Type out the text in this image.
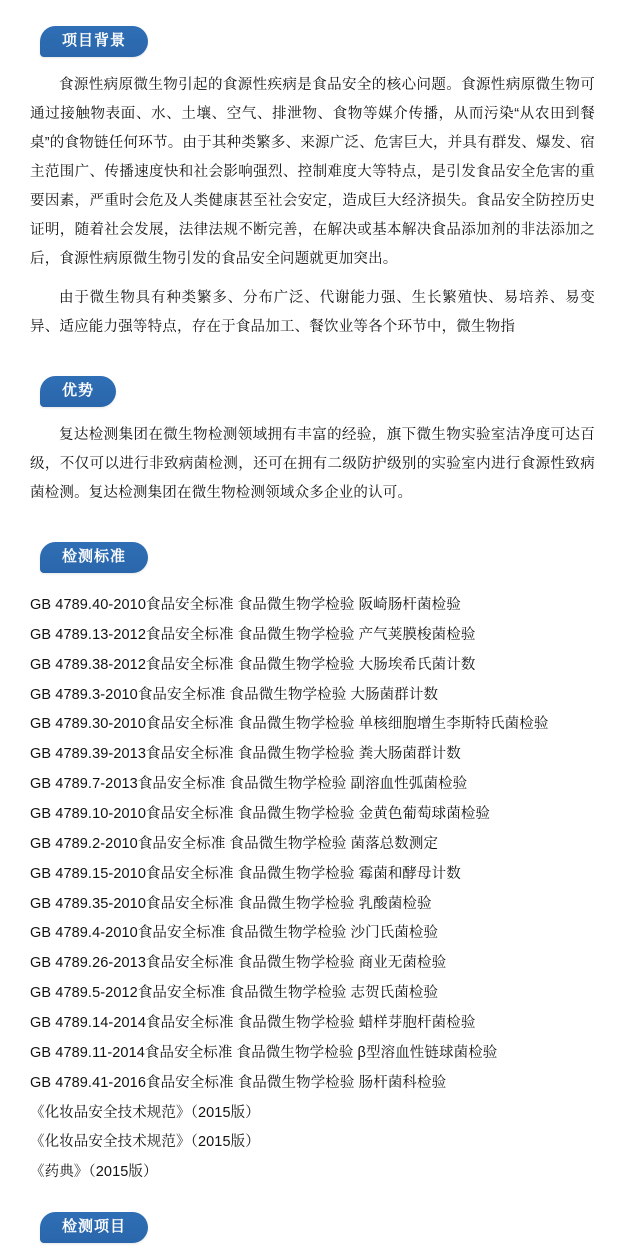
项目背景

食源性病原微生物引起的食源性疾病是食品安全的核心问题。食源性病原微生物可通过接触物表面、水、土壤、空气、排泄物、食物等媒介传播，从而污染“从农田到餐桌”的食物链任何环节。由于其种类繁多、来源广泛、危害巨大，并具有群发、爆发、宿主范围广、传播速度快和社会影响强烈、控制难度大等特点，是引发食品安全危害的重要因素，严重时会危及人类健康甚至社会安定，造成巨大经济损失。食品安全防控历史证明，随着社会发展，法律法规不断完善，在解决或基本解决食品添加剂的非法添加之后，食源性病原微生物引发的食品安全问题就更加突出。

由于微生物具有种类繁多、分布广泛、代谢能力强、生长繁殖快、易培养、易变异、适应能力强等特点，存在于食品加工、餐饮业等各个环节中，微生物指

优势

复达检测集团在微生物检测领域拥有丰富的经验，旗下微生物实验室洁净度可达百级，不仅可以进行非致病菌检测，还可在拥有二级防护级别的实验室内进行食源性致病菌检测。复达检测集团在微生物检测领域众多企业的认可。

检测标准
GB 4789.40-2010食品安全标准 食品微生物学检验 阪崎肠杆菌检验
GB 4789.13-2012食品安全标准 食品微生物学检验 产气荚膜梭菌检验
GB 4789.38-2012食品安全标准 食品微生物学检验 大肠埃希氏菌计数
GB 4789.3-2010食品安全标准 食品微生物学检验 大肠菌群计数
GB 4789.30-2010食品安全标准 食品微生物学检验 单核细胞增生李斯特氏菌检验
GB 4789.39-2013食品安全标准 食品微生物学检验 粪大肠菌群计数
GB 4789.7-2013食品安全标准 食品微生物学检验 副溶血性弧菌检验
GB 4789.10-2010食品安全标准 食品微生物学检验 金黄色葡萄球菌检验
GB 4789.2-2010食品安全标准 食品微生物学检验 菌落总数测定
GB 4789.15-2010食品安全标准 食品微生物学检验 霉菌和酵母计数
GB 4789.35-2010食品安全标准 食品微生物学检验 乳酸菌检验
GB 4789.4-2010食品安全标准 食品微生物学检验 沙门氏菌检验
GB 4789.26-2013食品安全标准 食品微生物学检验 商业无菌检验
GB 4789.5-2012食品安全标准 食品微生物学检验 志贺氏菌检验
GB 4789.14-2014食品安全标准 食品微生物学检验 蜡样芽胞杆菌检验
GB 4789.11-2014食品安全标准 食品微生物学检验 β型溶血性链球菌检验
GB 4789.41-2016食品安全标准 食品微生物学检验 肠杆菌科检验
《化妆品安全技术规范》（2015版）
《化妆品安全技术规范》（2015版）
《药典》（2015版）
检测项目
